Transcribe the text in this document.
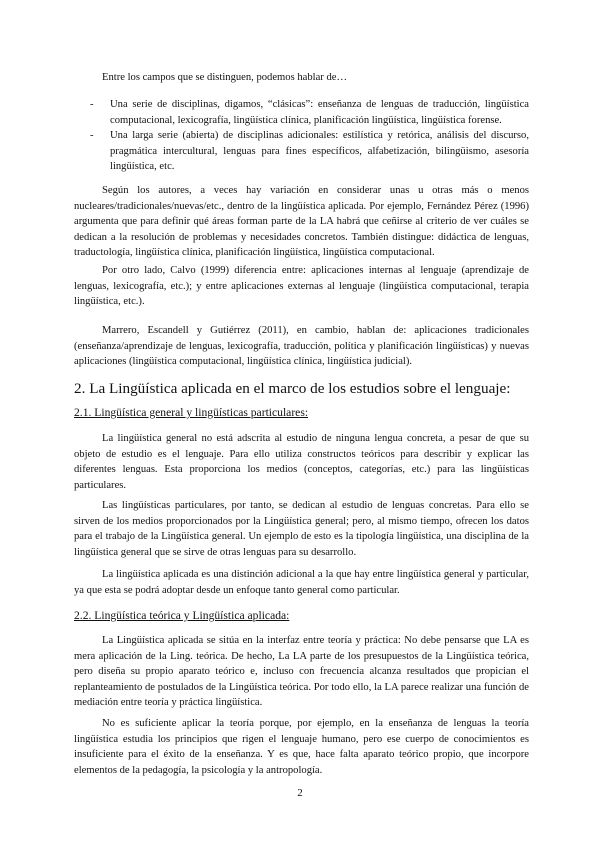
Entre los campos que se distinguen, podemos hablar de…

- Una serie de disciplinas, digamos, “clásicas”: enseñanza de lenguas de traducción, lingüística computacional, lexicografía, lingüística clínica, planificación lingüística, lingüística forense.

- Una larga serie (abierta) de disciplinas adicionales: estilística y retórica, análisis del discurso, pragmática intercultural, lenguas para fines específicos, alfabetización, bilingüismo, asesoría lingüística, etc.

Según los autores, a veces hay variación en considerar unas u otras más o menos nucleares/tradicionales/nuevas/etc., dentro de la lingüística aplicada. Por ejemplo, Fernández Pérez (1996) argumenta que para definir qué áreas forman parte de la LA habrá que ceñirse al criterio de ver cuáles se dedican a la resolución de problemas y necesidades concretos. También distingue: didáctica de lenguas, traductología, lingüística clínica, planificación lingüística, lingüística computacional.

Por otro lado, Calvo (1999) diferencia entre: aplicaciones internas al lenguaje (aprendizaje de lenguas, lexicografía, etc.); y entre aplicaciones externas al lenguaje (lingüística computacional, terapia lingüística, etc.).

Marrero, Escandell y Gutiérrez (2011), en cambio, hablan de: aplicaciones tradicionales (enseñanza/aprendizaje de lenguas, lexicografía, traducción, política y planificación lingüísticas) y nuevas aplicaciones (lingüística computacional, lingüística clínica, lingüística judicial).

2. La Lingüística aplicada en el marco de los estudios sobre el lenguaje:
2.1. Lingüística general y lingüísticas particulares:

La lingüística general no está adscrita al estudio de ninguna lengua concreta, a pesar de que su objeto de estudio es el lenguaje. Para ello utiliza constructos teóricos para describir y explicar las diferentes lenguas. Esta proporciona los medios (conceptos, categorías, etc.) para las lingüísticas particulares.

Las lingüísticas particulares, por tanto, se dedican al estudio de lenguas concretas. Para ello se sirven de los medios proporcionados por la Lingüística general; pero, al mismo tiempo, ofrecen los datos para el trabajo de la Lingüística general. Un ejemplo de esto es la tipología lingüística, una disciplina de la lingüística general que se sirve de otras lenguas para su desarrollo.

La lingüística aplicada es una distinción adicional a la que hay entre lingüística general y particular, ya que esta se podrá adoptar desde un enfoque tanto general como particular.

2.2. Lingüística teórica y Lingüística aplicada:

La Lingüística aplicada se sitúa en la interfaz entre teoría y práctica: No debe pensarse que LA es mera aplicación de la Ling. teórica. De hecho, La LA parte de los presupuestos de la Lingüística teórica, pero diseña su propio aparato teórico e, incluso con frecuencia alcanza resultados que propician el replanteamiento de postulados de la Lingüística teórica. Por todo ello, la LA parece realizar una función de mediación entre teoría y práctica lingüística.

No es suficiente aplicar la teoría porque, por ejemplo, en la enseñanza de lenguas la teoría lingüística estudia los principios que rigen el lenguaje humano, pero ese cuerpo de conocimientos es insuficiente para el éxito de la enseñanza. Y es que, hace falta aparato teórico propio, que incorpore elementos de la pedagogía, la psicología y la antropología.

2
